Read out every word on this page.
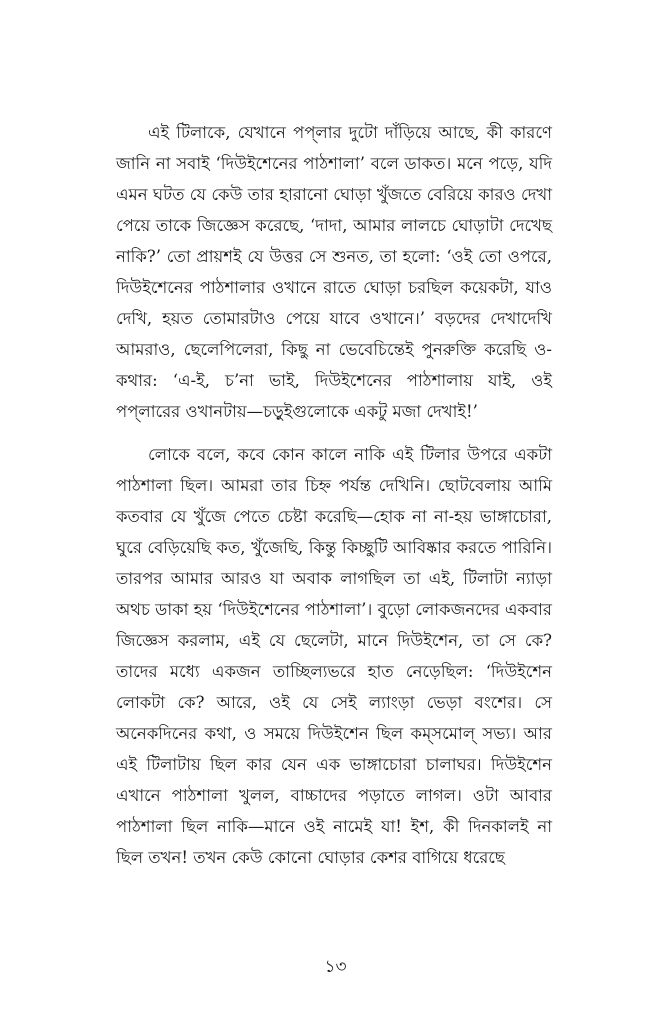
এই টিলাকে, যেখানে পপ্‌লার দুটো দাঁড়িয়ে আছে, কী কারণে জানি না সবাই ‘দিউইশেনের পাঠশালা’ বলে ডাকত। মনে পড়ে, যদি এমন ঘটত যে কেউ তার হারানো ঘোড়া খুঁজতে বেরিয়ে কারও দেখা পেয়ে তাকে জিজ্ঞেস করেছে, ‘দাদা, আমার লালচে ঘোড়াটা দেখেছ নাকি?’ তো প্রায়শই যে উত্তর সে শুনত, তা হলো: ‘ওই তো ওপরে, দিউইশেনের পাঠশালার ওখানে রাতে ঘোড়া চরছিল কয়েকটা, যাও দেখি, হয়ত তোমারটাও পেয়ে যাবে ওখানে।’ বড়দের দেখাদেখি আমরাও, ছেলেপিলেরা, কিছু না ভেবেচিন্তেই পুনরুক্তি করেছি ও-কথার: ‘এ-ই, চ’না ভাই, দিউইশেনের পাঠশালায় যাই, ওই পপ্‌লারের ওখানটায়—চড়ুইগুলোকে একটু মজা দেখাই!’

লোকে বলে, কবে কোন কালে নাকি এই টিলার উপরে একটা পাঠশালা ছিল। আমরা তার চিহ্ন পর্যন্ত দেখিনি। ছোটবেলায় আমি কতবার যে খুঁজে পেতে চেষ্টা করেছি—হোক না না-হয় ভাঙ্গাচোরা, ঘুরে বেড়িয়েছি কত, খুঁজেছি, কিন্তু কিচ্ছুটি আবিষ্কার করতে পারিনি। তারপর আমার আরও যা অবাক লাগছিল তা এই, টিলাটা ন্যাড়া অথচ ডাকা হয় ‘দিউইশেনের পাঠশালা’। বুড়ো লোকজনদের একবার জিজ্ঞেস করলাম, এই যে ছেলেটা, মানে দিউইশেন, তা সে কে? তাদের মধ্যে একজন তাচ্ছিল্যভরে হাত নেড়েছিল: ‘দিউইশেন লোকটা কে? আরে, ওই যে সেই ল্যাংড়া ভেড়া বংশের। সে অনেকদিনের কথা, ও সময়ে দিউইশেন ছিল কম্‌সমোল্‌ সভ্য। আর এই টিলাটায় ছিল কার যেন এক ভাঙ্গাচোরা চালাঘর। দিউইশেন এখানে পাঠশালা খুলল, বাচ্চাদের পড়াতে লাগল। ওটা আবার পাঠশালা ছিল নাকি—মানে ওই নামেই যা! ইশ, কী দিনকালই না ছিল তখন! তখন কেউ কোনো ঘোড়ার কেশর বাগিয়ে ধরেছে

১৩
